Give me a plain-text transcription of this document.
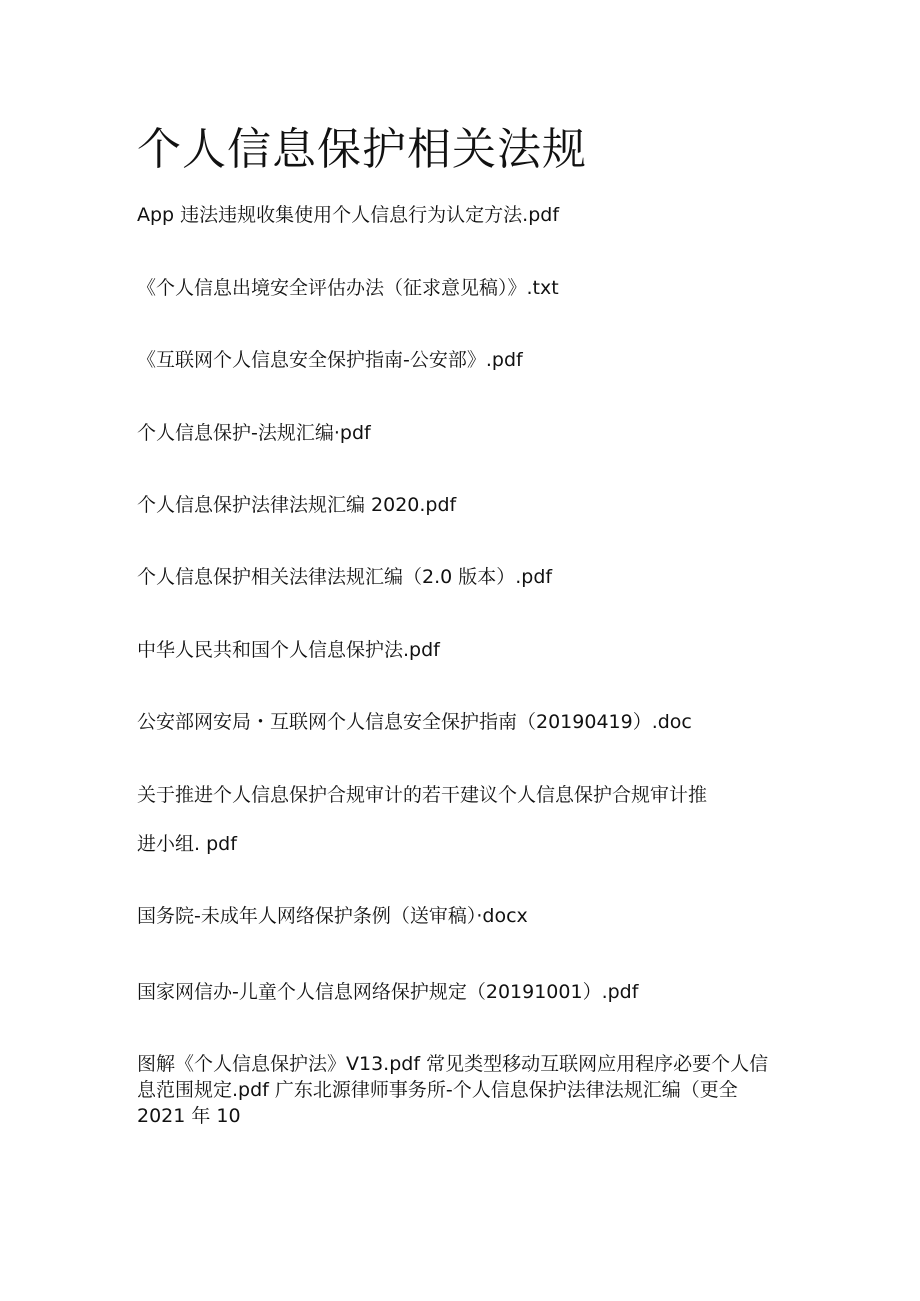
个人信息保护相关法规

App 违法违规收集使用个人信息行为认定方法.pdf

《个人信息出境安全评估办法（征求意见稿）》.txt

《互联网个人信息安全保护指南-公安部》.pdf

个人信息保护-法规汇编·pdf

个人信息保护法律法规汇编 2020.pdf

个人信息保护相关法律法规汇编（2.0 版本）.pdf

中华人民共和国个人信息保护法.pdf

公安部网安局・互联网个人信息安全保护指南（20190419）.doc

关于推进个人信息保护合规审计的若干建议个人信息保护合规审计推

进小组. pdf

国务院-未成年人网络保护条例（送审稿）·docx

国家网信办-儿童个人信息网络保护规定（20191001）.pdf

图解《个人信息保护法》V13.pdf 常见类型移动互联网应用程序必要个人信息范围规定.pdf 广东北源律师事务所-个人信息保护法律法规汇编（更全 2021 年 10
